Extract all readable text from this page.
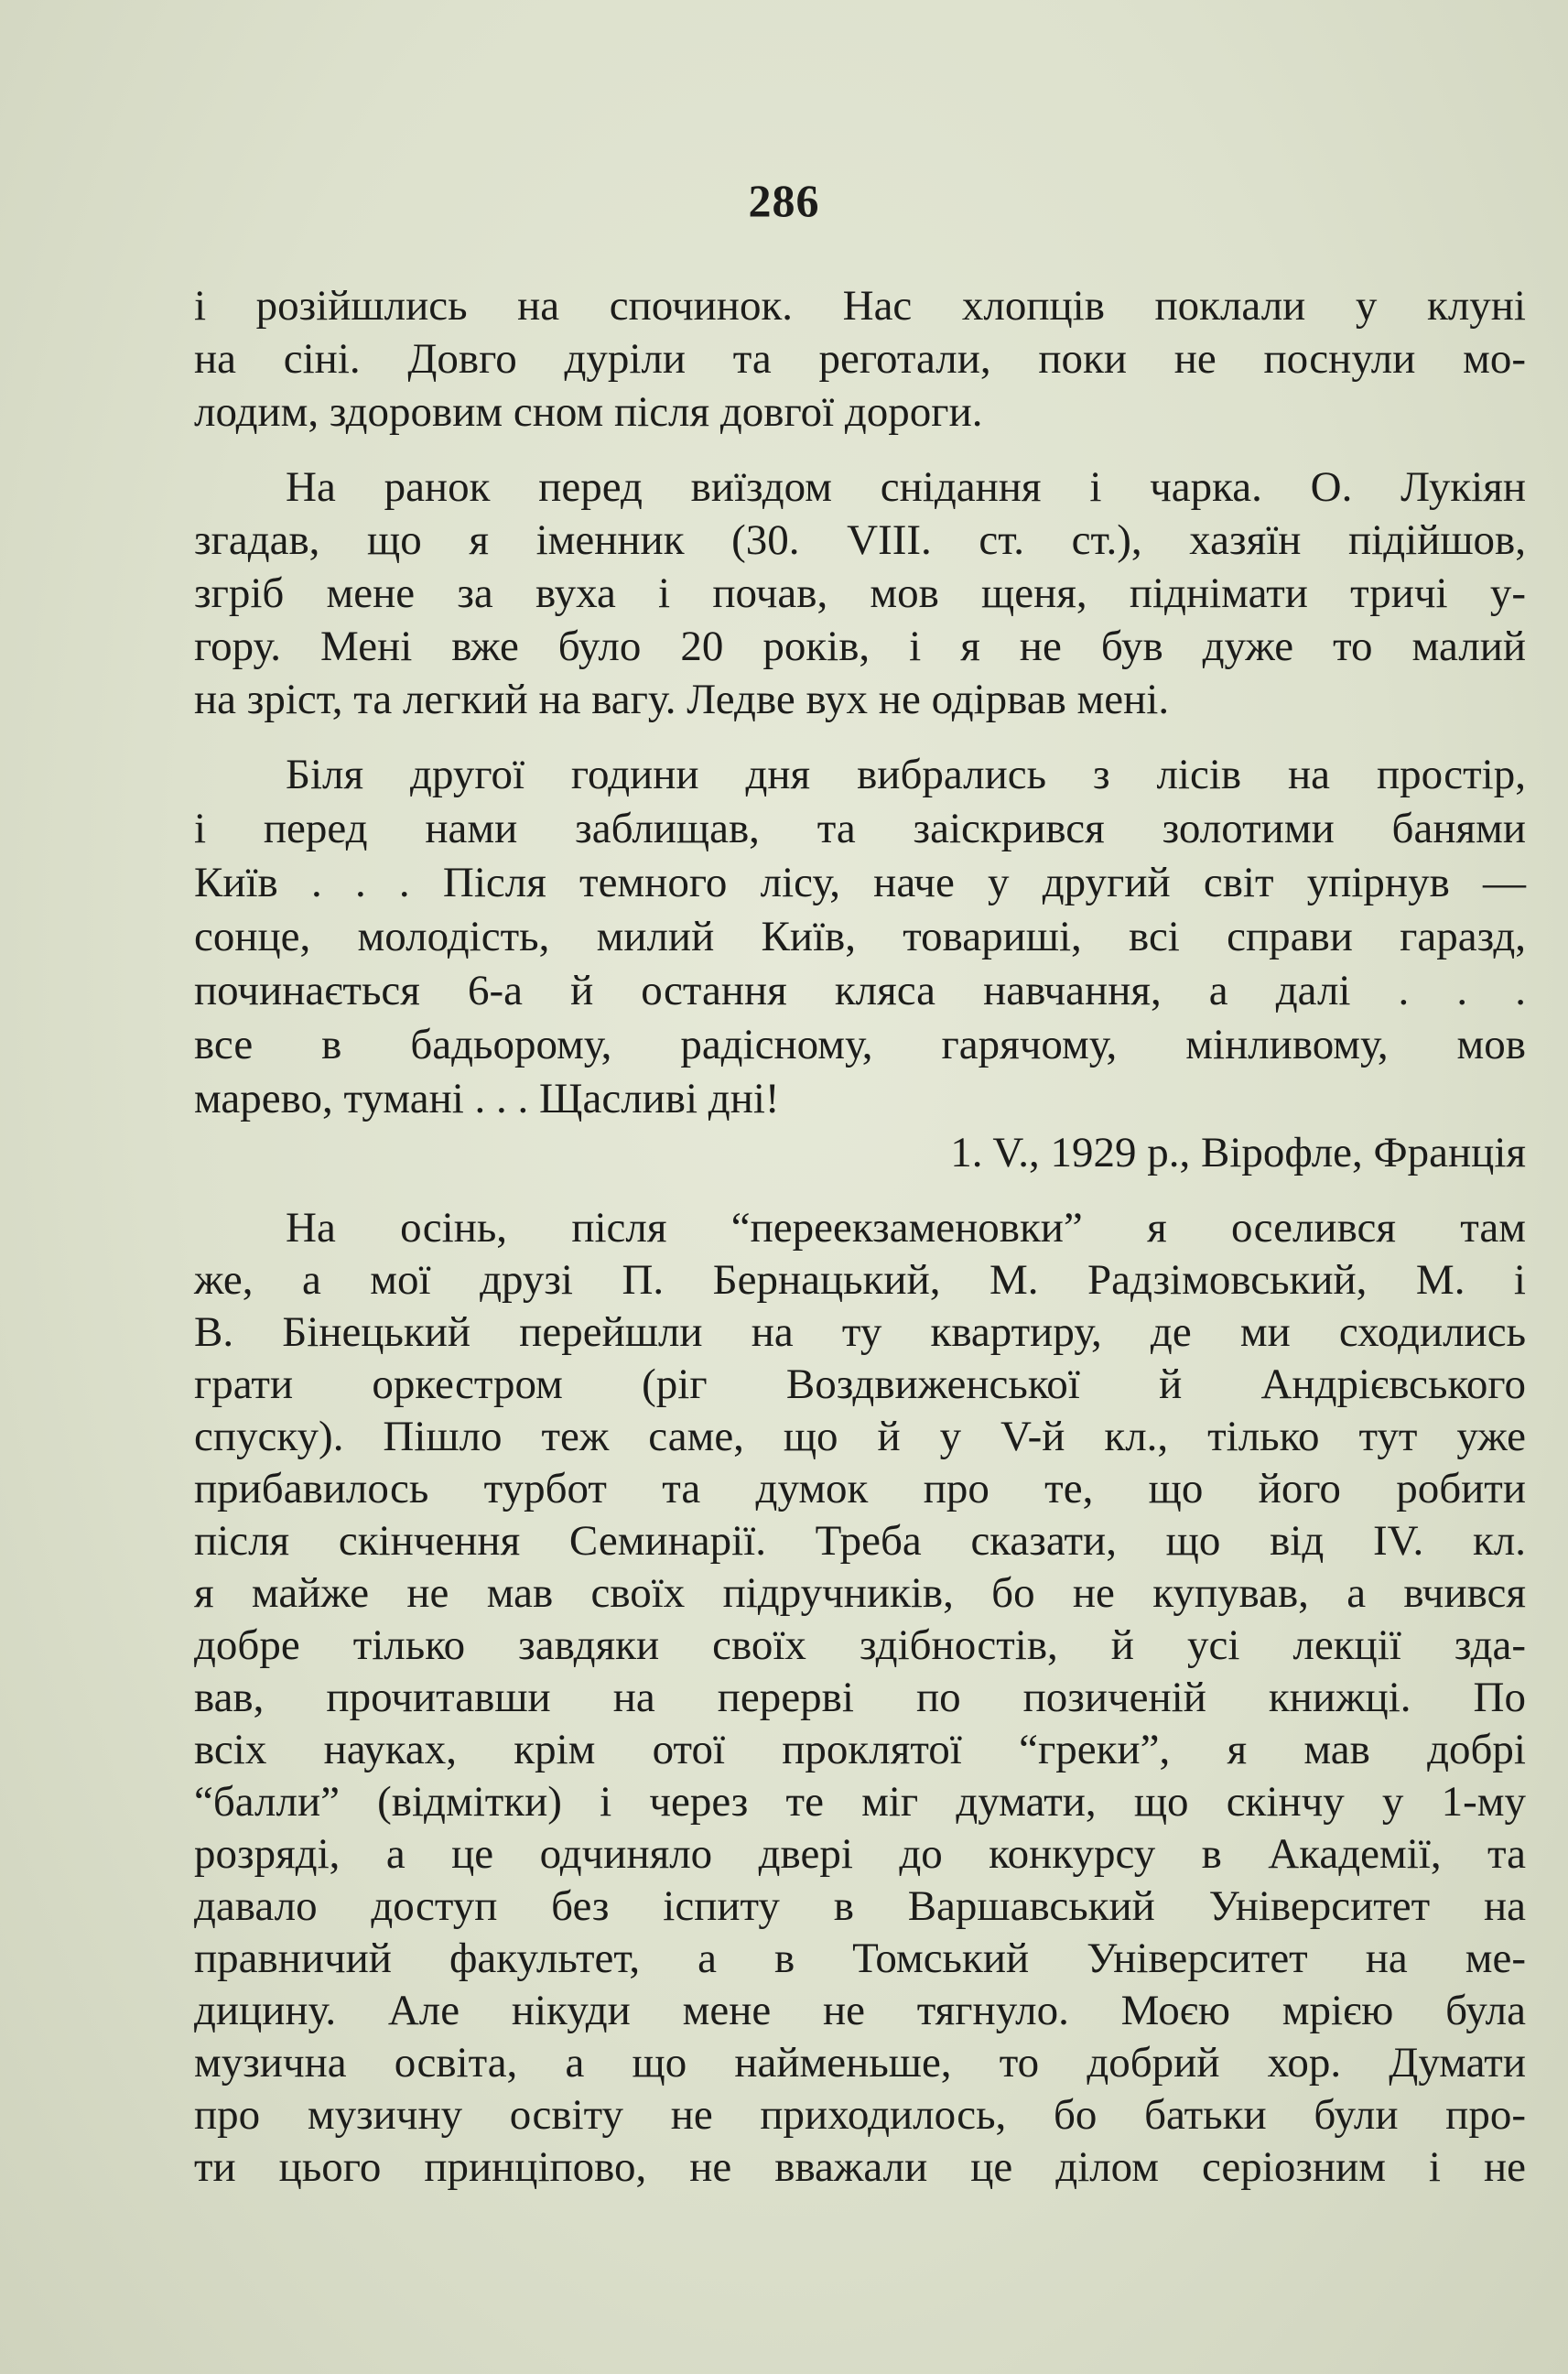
286
і розійшлись на спочинок. Нас хлопців поклали у клуні
на сіні. Довго дуріли та реготали, поки не поснули мо-
лодим, здоровим сном після довгої дороги.
На ранок перед виїздом снідання і чарка. О. Лукіян
згадав, що я іменник (30. VIII. ст. ст.), хазяїн підійшов,
згріб мене за вуха і почав, мов щеня, піднімати тричі у-
гору. Мені вже було 20 років, і я не був дуже то малий
на зріст, та легкий на вагу. Ледве вух не одірвав мені.
Біля другої години дня вибрались з лісів на простір,
і перед нами заблищав, та заіскрився золотими банями
Київ . . . Після темного лісу, наче у другий світ упірнув —
сонце, молодість, милий Київ, товариші, всі справи гаразд,
починається 6-а й остання кляса навчання, а далі . . .
все в бадьорому, радісному, гарячому, мінливому, мов
марево, тумані . . . Щасливі дні!
1. V., 1929 р., Вірофле, Франція
На осінь, після “переекзаменовки” я оселився там
же, а мої друзі П. Бернацький, М. Радзімовський, М. і
В. Бінецький перейшли на ту квартиру, де ми сходились
грати оркестром (ріг Воздвиженської й Андрієвського
спуску). Пішло теж саме, що й у V-й кл., тілько тут уже
прибавилось турбот та думок про те, що його робити
після скінчення Семинарії. Треба сказати, що від IV. кл.
я майже не мав своїх підручників, бо не купував, а вчився
добре тілько завдяки своїх здібностів, й усі лекції зда-
вав, прочитавши на перерві по позиченій книжці. По
всіх науках, крім отої проклятої “греки”, я мав добрі
“балли” (відмітки) і через те міг думати, що скінчу у 1-му
розряді, а це одчиняло двері до конкурсу в Академії, та
давало доступ без іспиту в Варшавський Університет на
правничий факультет, а в Томський Університет на ме-
дицину. Але нікуди мене не тягнуло. Моєю мрією була
музична освіта, а що найменьше, то добрий хор. Думати
про музичну освіту не приходилось, бо батьки були про-
ти цього принціпово, не вважали це ділом серіозним і не
